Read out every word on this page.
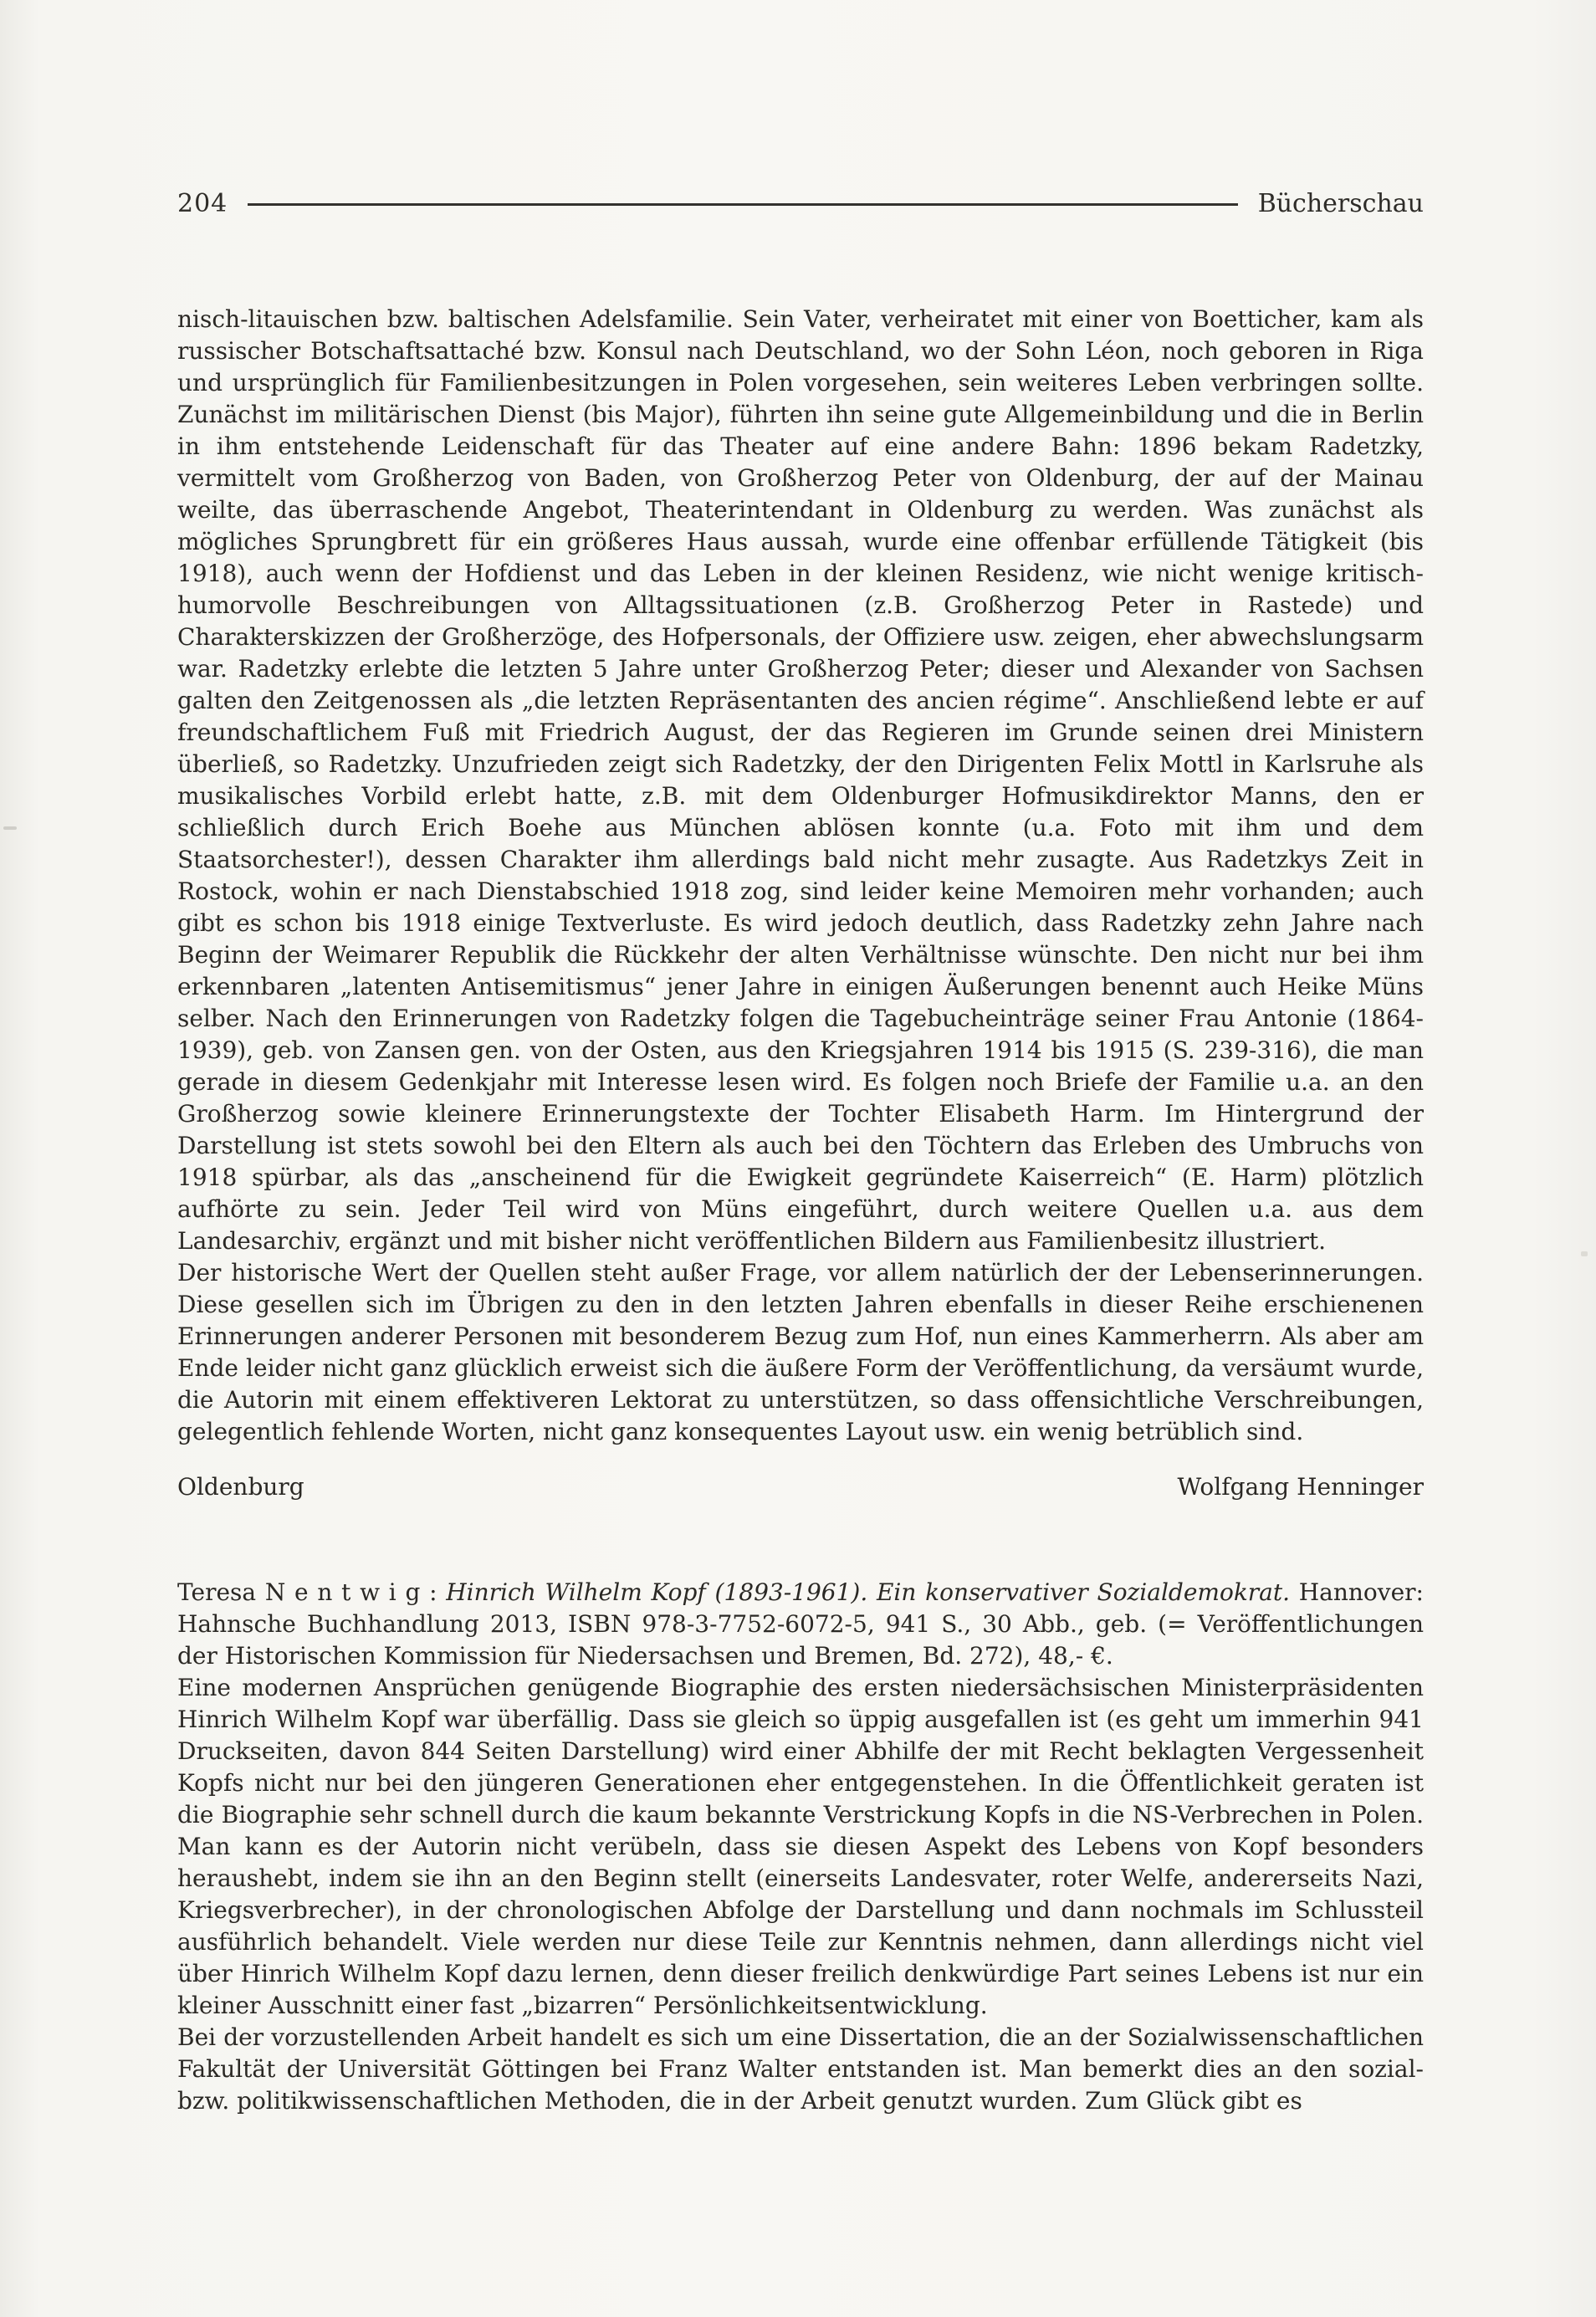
204	Bücherschau

nisch-litauischen bzw. baltischen Adelsfamilie. Sein Vater, verheiratet mit einer von Boetticher, kam als russischer Botschaftsattaché bzw. Konsul nach Deutschland, wo der Sohn Léon, noch geboren in Riga und ursprünglich für Familienbesitzungen in Polen vorgesehen, sein weiteres Leben verbringen sollte. Zunächst im militärischen Dienst (bis Major), führten ihn seine gute Allgemeinbildung und die in Berlin in ihm entstehende Leidenschaft für das Theater auf eine andere Bahn: 1896 bekam Radetzky, vermittelt vom Großherzog von Baden, von Großherzog Peter von Oldenburg, der auf der Mainau weilte, das überraschende Angebot, Theaterintendant in Oldenburg zu werden. Was zunächst als mögliches Sprungbrett für ein größeres Haus aussah, wurde eine offenbar erfüllende Tätigkeit (bis 1918), auch wenn der Hofdienst und das Leben in der kleinen Residenz, wie nicht wenige kritisch-humorvolle Beschreibungen von Alltagssituationen (z.B. Großherzog Peter in Rastede) und Charakterskizzen der Großherzöge, des Hofpersonals, der Offiziere usw. zeigen, eher abwechslungsarm war. Radetzky erlebte die letzten 5 Jahre unter Großherzog Peter; dieser und Alexander von Sachsen galten den Zeitgenossen als „die letzten Repräsentanten des ancien régime“. Anschließend lebte er auf freundschaftlichem Fuß mit Friedrich August, der das Regieren im Grunde seinen drei Ministern überließ, so Radetzky. Unzufrieden zeigt sich Radetzky, der den Dirigenten Felix Mottl in Karlsruhe als musikalisches Vorbild erlebt hatte, z.B. mit dem Oldenburger Hofmusikdirektor Manns, den er schließlich durch Erich Boehe aus München ablösen konnte (u.a. Foto mit ihm und dem Staatsorchester!), dessen Charakter ihm allerdings bald nicht mehr zusagte. Aus Radetzkys Zeit in Rostock, wohin er nach Dienstabschied 1918 zog, sind leider keine Memoiren mehr vorhanden; auch gibt es schon bis 1918 einige Textverluste. Es wird jedoch deutlich, dass Radetzky zehn Jahre nach Beginn der Weimarer Republik die Rückkehr der alten Verhältnisse wünschte. Den nicht nur bei ihm erkennbaren „latenten Antisemitismus“ jener Jahre in einigen Äußerungen benennt auch Heike Müns selber. Nach den Erinnerungen von Radetzky folgen die Tagebucheinträge seiner Frau Antonie (1864-1939), geb. von Zansen gen. von der Osten, aus den Kriegsjahren 1914 bis 1915 (S. 239-316), die man gerade in diesem Gedenkjahr mit Interesse lesen wird. Es folgen noch Briefe der Familie u.a. an den Großherzog sowie kleinere Erinnerungstexte der Tochter Elisabeth Harm. Im Hintergrund der Darstellung ist stets sowohl bei den Eltern als auch bei den Töchtern das Erleben des Umbruchs von 1918 spürbar, als das „anscheinend für die Ewigkeit gegründete Kaiserreich“ (E. Harm) plötzlich aufhörte zu sein. Jeder Teil wird von Müns eingeführt, durch weitere Quellen u.a. aus dem Landesarchiv, ergänzt und mit bisher nicht veröffentlichen Bildern aus Familienbesitz illustriert.

Der historische Wert der Quellen steht außer Frage, vor allem natürlich der der Lebenserinnerungen. Diese gesellen sich im Übrigen zu den in den letzten Jahren ebenfalls in dieser Reihe erschienenen Erinnerungen anderer Personen mit besonderem Bezug zum Hof, nun eines Kammerherrn. Als aber am Ende leider nicht ganz glücklich erweist sich die äußere Form der Veröffentlichung, da versäumt wurde, die Autorin mit einem effektiveren Lektorat zu unterstützen, so dass offensichtliche Verschreibungen, gelegentlich fehlende Worten, nicht ganz konsequentes Layout usw. ein wenig betrüblich sind.

Oldenburg	Wolfgang Henninger

Teresa N e n t w i g : Hinrich Wilhelm Kopf (1893-1961). Ein konservativer Sozialdemokrat. Hannover: Hahnsche Buchhandlung 2013, ISBN 978-3-7752-6072-5, 941 S., 30 Abb., geb. (= Veröffentlichungen der Historischen Kommission für Niedersachsen und Bremen, Bd. 272), 48,- €.

Eine modernen Ansprüchen genügende Biographie des ersten niedersächsischen Ministerpräsidenten Hinrich Wilhelm Kopf war überfällig. Dass sie gleich so üppig ausgefallen ist (es geht um immerhin 941 Druckseiten, davon 844 Seiten Darstellung) wird einer Abhilfe der mit Recht beklagten Vergessenheit Kopfs nicht nur bei den jüngeren Generationen eher entgegenstehen. In die Öffentlichkeit geraten ist die Biographie sehr schnell durch die kaum bekannte Verstrickung Kopfs in die NS-Verbrechen in Polen. Man kann es der Autorin nicht verübeln, dass sie diesen Aspekt des Lebens von Kopf besonders heraushebt, indem sie ihn an den Beginn stellt (einerseits Landesvater, roter Welfe, andererseits Nazi, Kriegsverbrecher), in der chronologischen Abfolge der Darstellung und dann nochmals im Schlussteil ausführlich behandelt. Viele werden nur diese Teile zur Kenntnis nehmen, dann allerdings nicht viel über Hinrich Wilhelm Kopf dazu lernen, denn dieser freilich denkwürdige Part seines Lebens ist nur ein kleiner Ausschnitt einer fast „bizarren“ Persönlichkeitsentwicklung.

Bei der vorzustellenden Arbeit handelt es sich um eine Dissertation, die an der Sozialwissenschaftlichen Fakultät der Universität Göttingen bei Franz Walter entstanden ist. Man bemerkt dies an den sozial- bzw. politikwissenschaftlichen Methoden, die in der Arbeit genutzt wurden. Zum Glück gibt es
